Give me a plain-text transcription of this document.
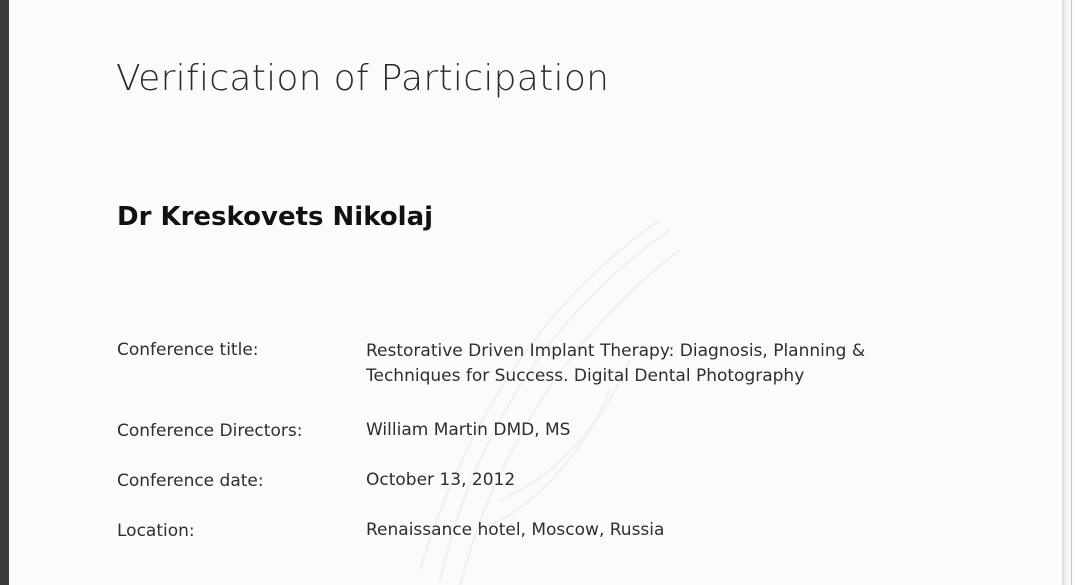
Verification of Participation
Dr Kreskovets Nikolaj
Conference title:	Restorative Driven Implant Therapy: Diagnosis, Planning &
Techniques for Success. Digital Dental Photography
Conference Directors:	William Martin DMD, MS
Conference date:	October 13, 2012
Location:	Renaissance hotel, Moscow, Russia
